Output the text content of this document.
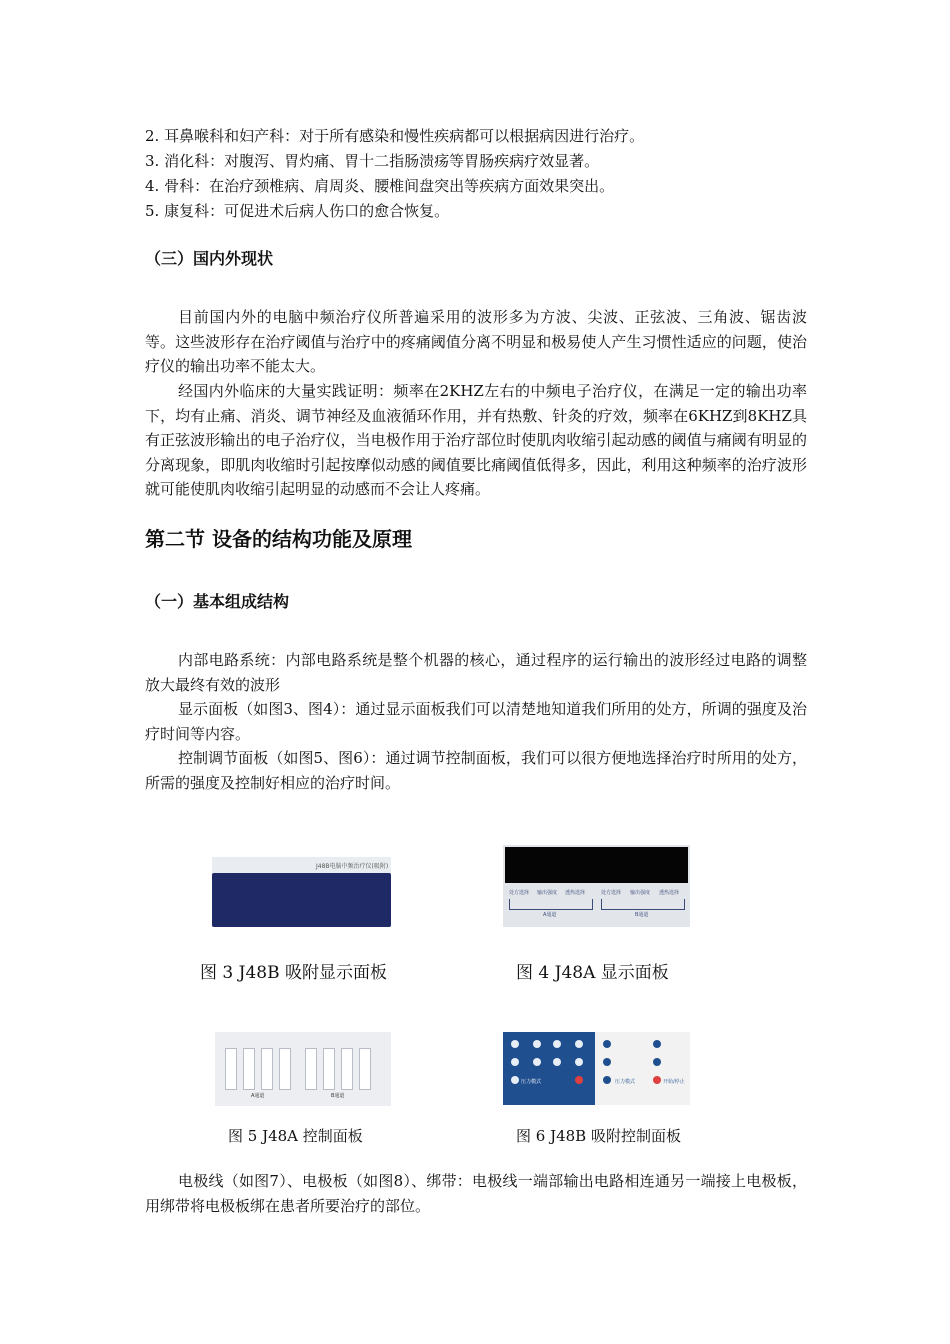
2. 耳鼻喉科和妇产科：对于所有感染和慢性疾病都可以根据病因进行治疗。
3. 消化科：对腹泻、胃灼痛、胃十二指肠溃疡等胃肠疾病疗效显著。
4. 骨科：在治疗颈椎病、肩周炎、腰椎间盘突出等疾病方面效果突出。
5. 康复科：可促进术后病人伤口的愈合恢复。
（三）国内外现状
目前国内外的电脑中频治疗仪所普遍采用的波形多为方波、尖波、正弦波、三角波、锯齿波等。这些波形存在治疗阈值与治疗中的疼痛阈值分离不明显和极易使人产生习惯性适应的问题，使治疗仪的输出功率不能太大。
经国内外临床的大量实践证明：频率在2KHZ左右的中频电子治疗仪，在满足一定的输出功率下，均有止痛、消炎、调节神经及血液循环作用，并有热敷、针灸的疗效，频率在6KHZ到8KHZ具有正弦波形输出的电子治疗仪，当电极作用于治疗部位时使肌肉收缩引起动感的阈值与痛阈有明显的分离现象，即肌肉收缩时引起按摩似动感的阈值要比痛阈值低得多，因此，利用这种频率的治疗波形就可能使肌肉收缩引起明显的动感而不会让人疼痛。
第二节 设备的结构功能及原理
（一）基本组成结构
内部电路系统：内部电路系统是整个机器的核心，通过程序的运行输出的波形经过电路的调整放大最终有效的波形
显示面板（如图3、图4）：通过显示面板我们可以清楚地知道我们所用的处方，所调的强度及治疗时间等内容。
控制调节面板（如图5、图6）：通过调节控制面板，我们可以很方便地选择治疗时所用的处方，所需的强度及控制好相应的治疗时间。
J48B电脑中频治疗仪(吸附)
图 3 J48B 吸附显示面板
处方选择 输出强度 透热选择	处方选择 输出强度 透热选择
A通道	B通道
图 4 J48A 显示面板
A通道	B通道
图 5 J48A 控制面板
压力模式	压力模式	开始/停止
图 6 J48B 吸附控制面板
电极线（如图7）、电极板（如图8）、绑带：电极线一端部输出电路相连通另一端接上电极板，用绑带将电极板绑在患者所要治疗的部位。
